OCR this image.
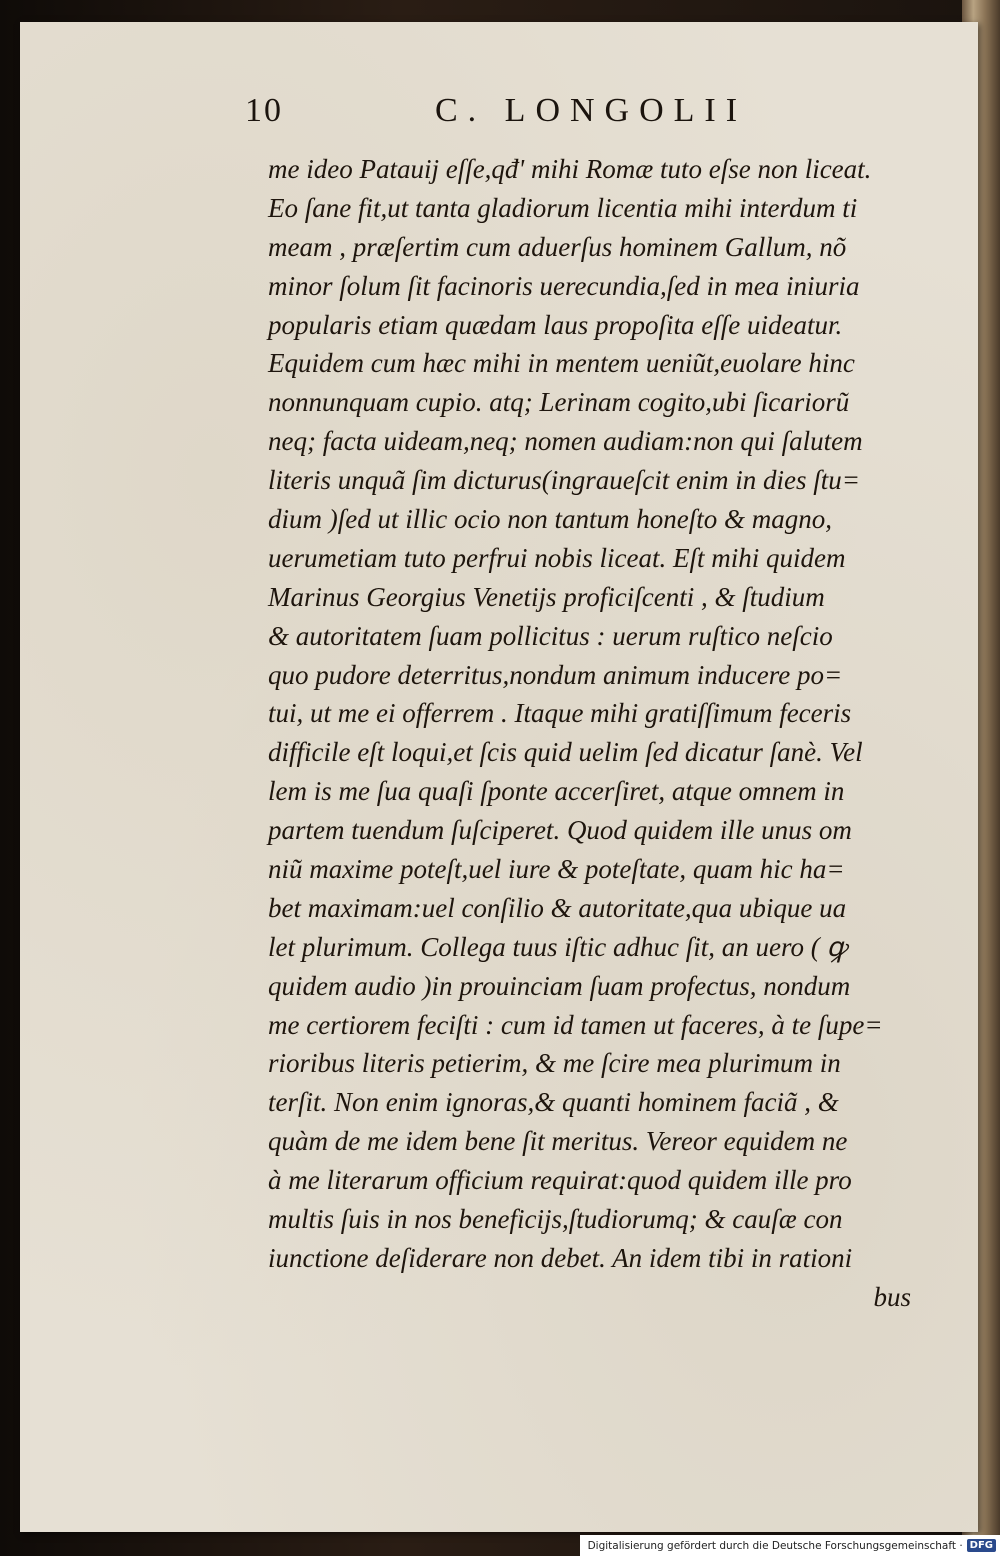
10	C. LONGOLII
me ideo Patauij eſſe,qđ' mihi Romæ tuto eſse non liceat.
Eo ſane fit,ut tanta gladiorum licentia mihi interdum ti
meam , præſertim cum aduerſus hominem Gallum, nõ
minor ſolum ſit facinoris uerecundia,ſed in mea iniuria
popularis etiam quædam laus propoſita eſſe uideatur.
Equidem cum hæc mihi in mentem ueniũt,euolare hinc
nonnunquam cupio. atq; Lerinam cogito,ubi ſicariorũ
neq; facta uideam,neq; nomen audiam:non qui ſalutem
literis unquã ſim dicturus(ingraueſcit enim in dies ſtu=
dium )ſed ut illic ocio non tantum honeſto & magno,
uerumetiam tuto perfrui nobis liceat. Eſt mihi quidem
Marinus Georgius Venetijs proficiſcenti , & ſtudium
& autoritatem ſuam pollicitus : uerum ruſtico neſcio
quo pudore deterritus,nondum animum inducere po=
tui, ut me ei offerrem . Itaque mihi gratiſſimum feceris
difficile eſt loqui,et ſcis quid uelim ſed dicatur ſanè. Vel
lem is me ſua quaſi ſponte accerſiret, atque omnem in
partem tuendum ſuſciperet. Quod quidem ille unus om
niũ maxime poteſt,uel iure & poteſtate, quam hic ha=
bet maximam:uel conſilio & autoritate,qua ubique ua
let plurimum. Collega tuus iſtic adhuc ſit, an uero ( ꝙ
quidem audio )in prouinciam ſuam profectus, nondum
me certiorem feciſti : cum id tamen ut faceres, à te ſupe=
rioribus literis petierim, & me ſcire mea plurimum in
terſit. Non enim ignoras,& quanti hominem faciã , &
quàm de me idem bene ſit meritus. Vereor equidem ne
à me literarum officium requirat:quod quidem ille pro
multis ſuis in nos beneficijs,ſtudiorumq; & cauſæ con
iunctione deſiderare non debet. An idem tibi in rationi
bus
Digitalisierung gefördert durch die Deutsche Forschungsgemeinschaft · DFG
